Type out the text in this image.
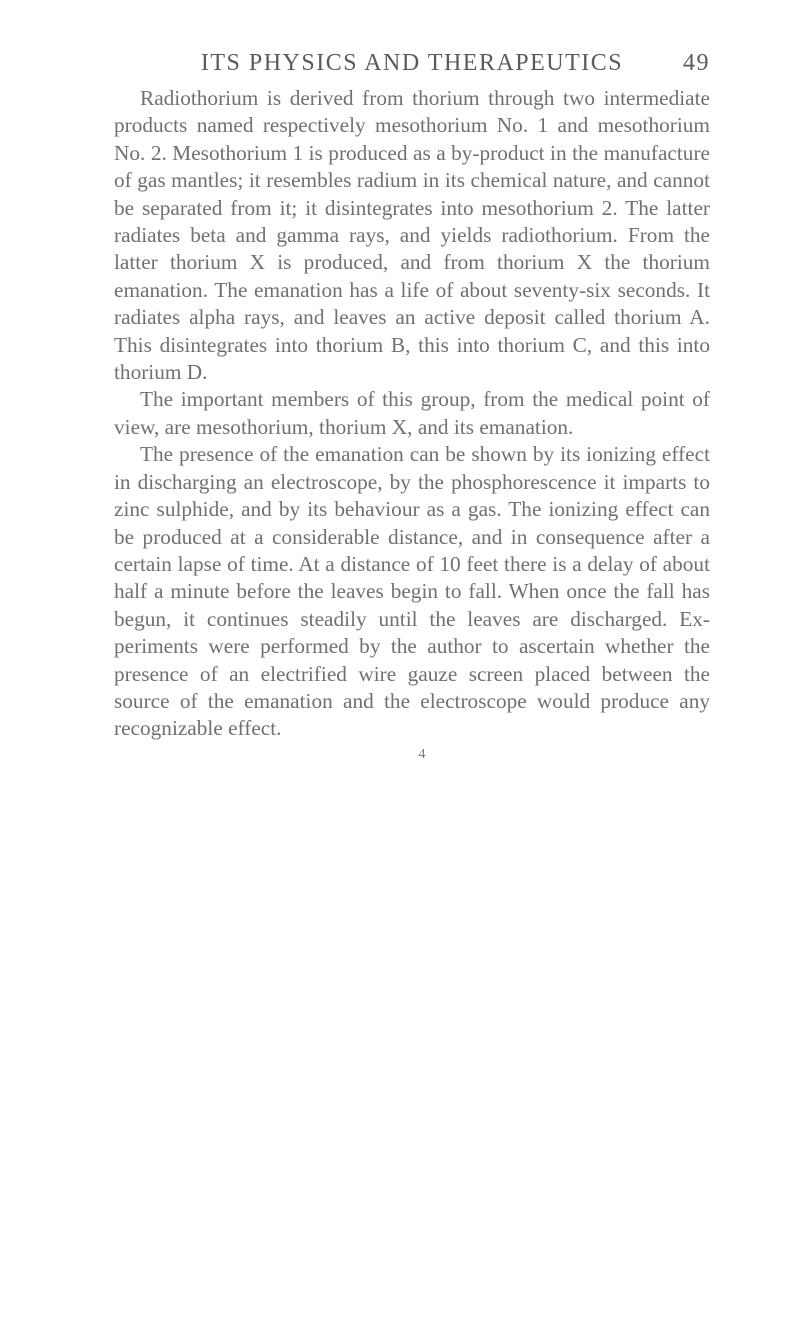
ITS PHYSICS AND THERAPEUTICS 49

Radiothorium is derived from thorium through two intermediate products named respectively mesothorium No. 1 and mesothorium No. 2. Mesothorium 1 is produced as a by-product in the manufacture of gas mantles; it resembles radium in its chemical nature, and cannot be separated from it; it disintegrates into mesothorium 2. The latter radiates beta and gamma rays, and yields radiothorium. From the latter thorium X is produced, and from thorium X the thorium emanation. The emanation has a life of about seventy-six seconds. It radiates alpha rays, and leaves an active deposit called thorium A. This disintegrates into thorium B, this into thorium C, and this into thorium D.

The important members of this group, from the medical point of view, are mesothorium, thorium X, and its emanation.

The presence of the emanation can be shown by its ionizing effect in discharging an electroscope, by the phosphorescence it imparts to zinc sulphide, and by its behaviour as a gas. The ionizing effect can be produced at a considerable distance, and in consequence after a certain lapse of time. At a distance of 10 feet there is a delay of about half a minute before the leaves begin to fall. When once the fall has begun, it continues steadily until the leaves are discharged. Experiments were performed by the author to ascertain whether the presence of an electrified wire gauze screen placed between the source of the emanation and the electroscope would produce any recognizable effect.

4
